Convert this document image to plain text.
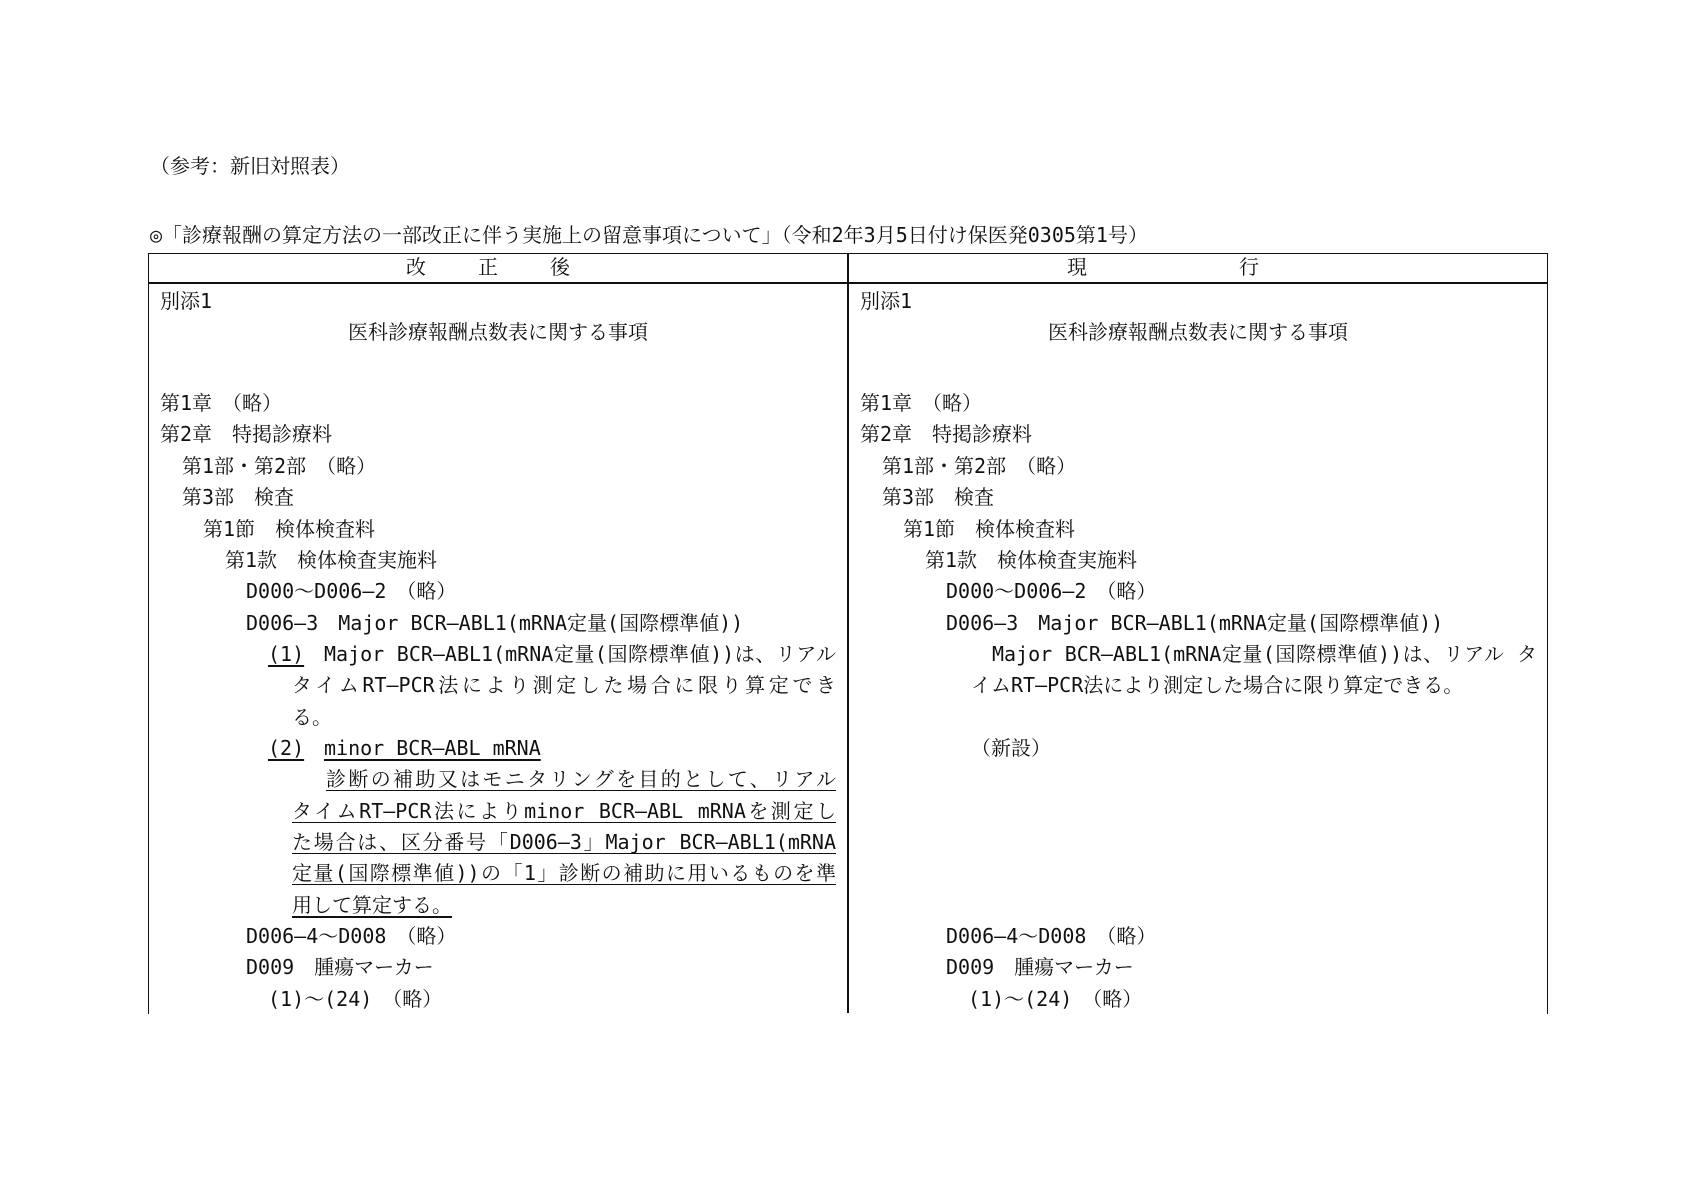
（参考：新旧対照表）
◎「診療報酬の算定方法の一部改正に伴う実施上の留意事項について」（令和2年3月5日付け保医発0305第1号）
改 正 後	現 行
別添1
医科診療報酬点数表に関する事項
第1章　（略）
第2章　特掲診療料
第1部・第2部　（略）
第3部　検査
第1節　検体検査料
第1款　検体検査実施料
D000～D006―2　（略）
D006―3　Major BCR―ABL1(mRNA定量(国際標準値))
(1) Major BCR―ABL1(mRNA定量(国際標準値))は、リアル
タイムRT―PCR法により測定した場合に限り算定でき
る。
(2) minor BCR―ABL mRNA
診断の補助又はモニタリングを目的として、リアル
タイムRT―PCR法によりminor BCR―ABL mRNAを測定し
た場合は、区分番号「D006―3」Major BCR―ABL1(mRNA
定量(国際標準値))の「1」診断の補助に用いるものを準
用して算定する。
D006―4～D008　（略）
D009　腫瘍マーカー
(1)～(24)　（略）
別添1
医科診療報酬点数表に関する事項
第1章　（略）
第2章　特掲診療料
第1部・第2部　（略）
第3部　検査
第1節　検体検査料
第1款　検体検査実施料
D000～D006―2　（略）
D006―3　Major BCR―ABL1(mRNA定量(国際標準値))
Major BCR―ABL1(mRNA定量(国際標準値))は、リアル タ
イムRT―PCR法により測定した場合に限り算定できる。
（新設）
D006―4～D008　（略）
D009　腫瘍マーカー
(1)～(24)　（略）
